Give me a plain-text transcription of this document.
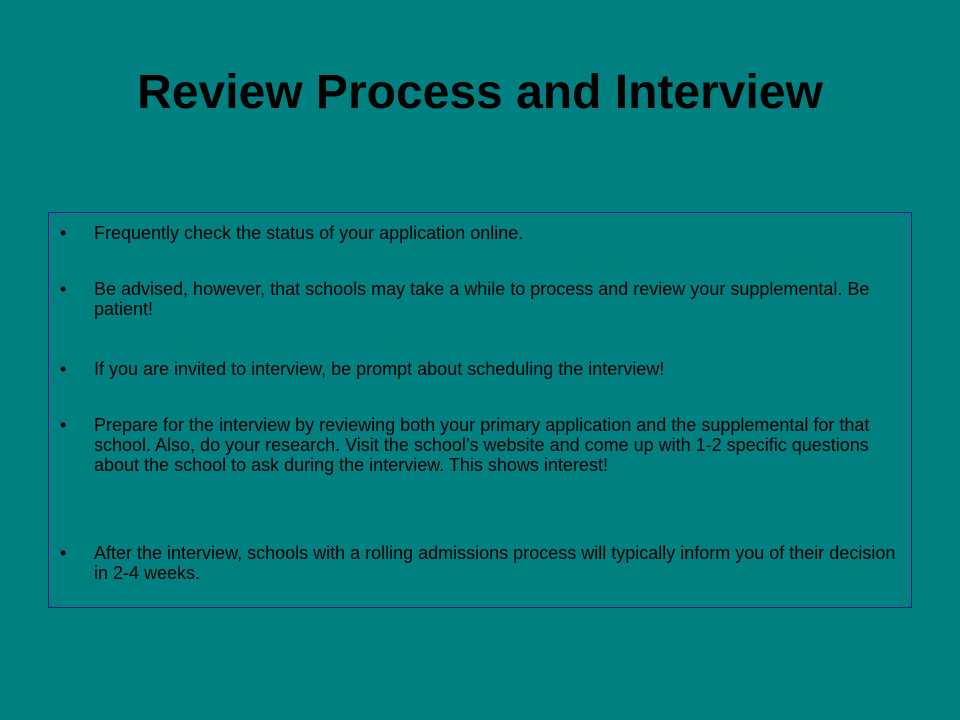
Review Process and Interview
•	Frequently check the status of your application online.
•	Be advised, however, that schools may take a while to process and review your supplemental. Be patient!
•	If you are invited to interview, be prompt about scheduling the interview!
•	Prepare for the interview by reviewing both your primary application and the supplemental for that school. Also, do your research. Visit the school’s website and come up with 1-2 specific questions about the school to ask during the interview. This shows interest!
•	After the interview, schools with a rolling admissions process will typically inform you of their decision in 2-4 weeks.
